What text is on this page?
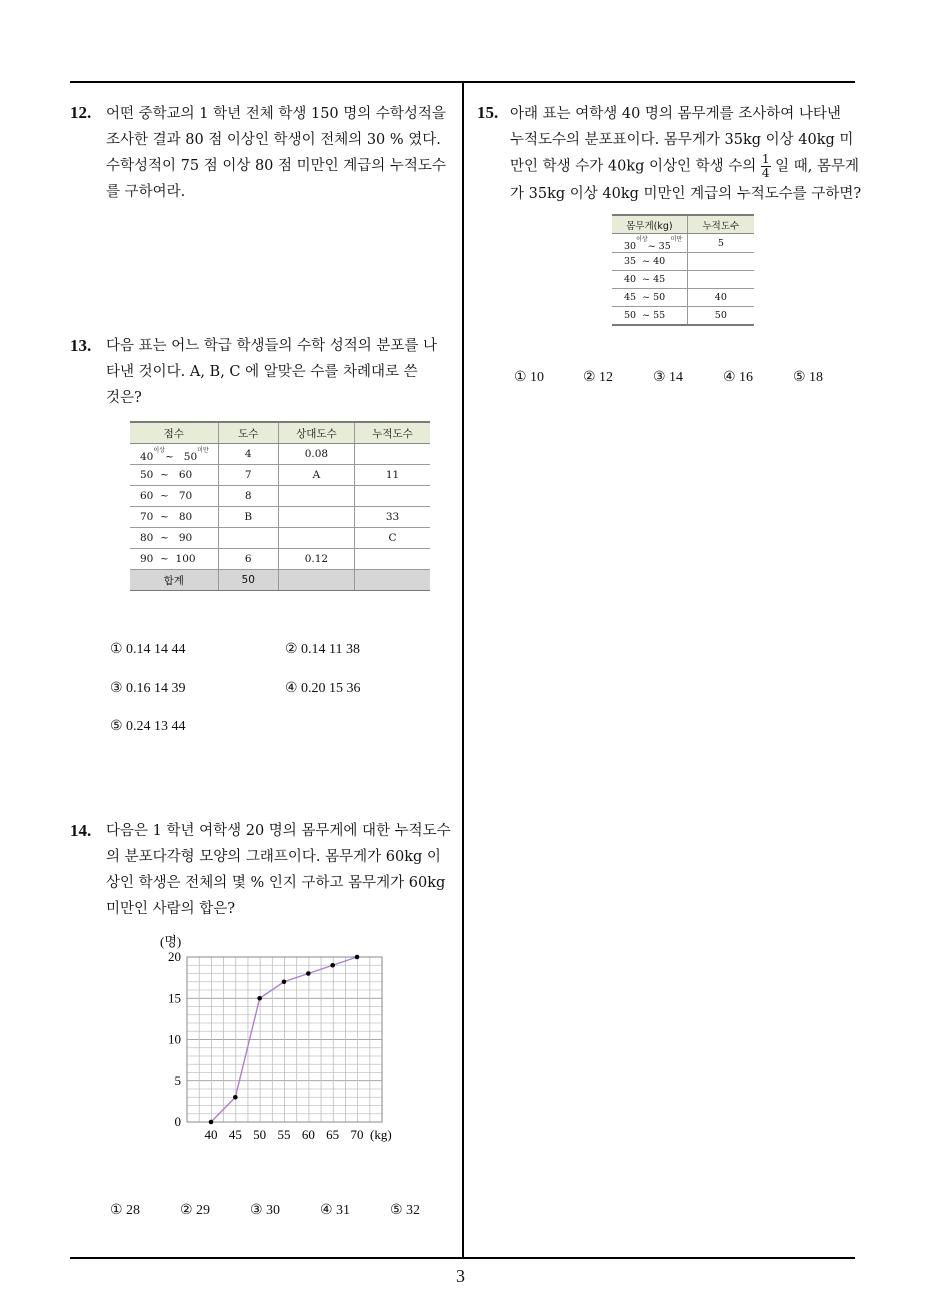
12. 어떤 중학교의 1 학년 전체 학생 150 명의 수학성적을
조사한 결과 80 점 이상인 학생이 전체의 30 % 였다.
수학성적이 75 점 이상 80 점 미만인 계급의 누적도수
를 구하여라.
13. 다음 표는 어느 학급 학생들의 수학 성적의 분포를 나
타낸 것이다. A, B, C 에 알맞은 수를 차례대로 쓴
것은?
점수	도수	상대도수	누적도수
$40^{이상}\sim$   $50^{미만}$	4	0.08	
50  ~   60	7	A	11
60  ~   70	8		
70  ~   80	B		33
80  ~   90			C
90  ~  100	6	0.12	
합계	50		
① 0.14 14 44	② 0.14 11 38
③ 0.16 14 39	④ 0.20 15 36
⑤ 0.24 13 44
14. 다음은 1 학년 여학생 20 명의 몸무게에 대한 누적도수
의 분포다각형 모양의 그래프이다. 몸무게가 60kg 이
상인 학생은 전체의 몇 % 인지 구하고 몸무게가 60kg
미만인 사람의 합은?
0
5
10
15
20
40 45 50 55 60 65 70
(명)
(kg)
① 28	② 29	③ 30	④ 31	⑤ 32
15. 아래 표는 여학생 40 명의 몸무게를 조사하여 나타낸
누적도수의 분포표이다. 몸무게가 35kg 이상 40kg 미
만인 학생 수가 40kg 이상인 학생 수의 $\frac{1}{4}$ 일 때, 몸무게
가 35kg 이상 40kg 미만인 계급의 누적도수를 구하면?
몸무게(kg)	누적도수
$30^{이상}\sim$ $35^{미만}$	5
35  ~ 40	
40  ~ 45	
45  ~ 50	40
50  ~ 55	50
① 10	② 12	③ 14	④ 16	⑤ 18
3
